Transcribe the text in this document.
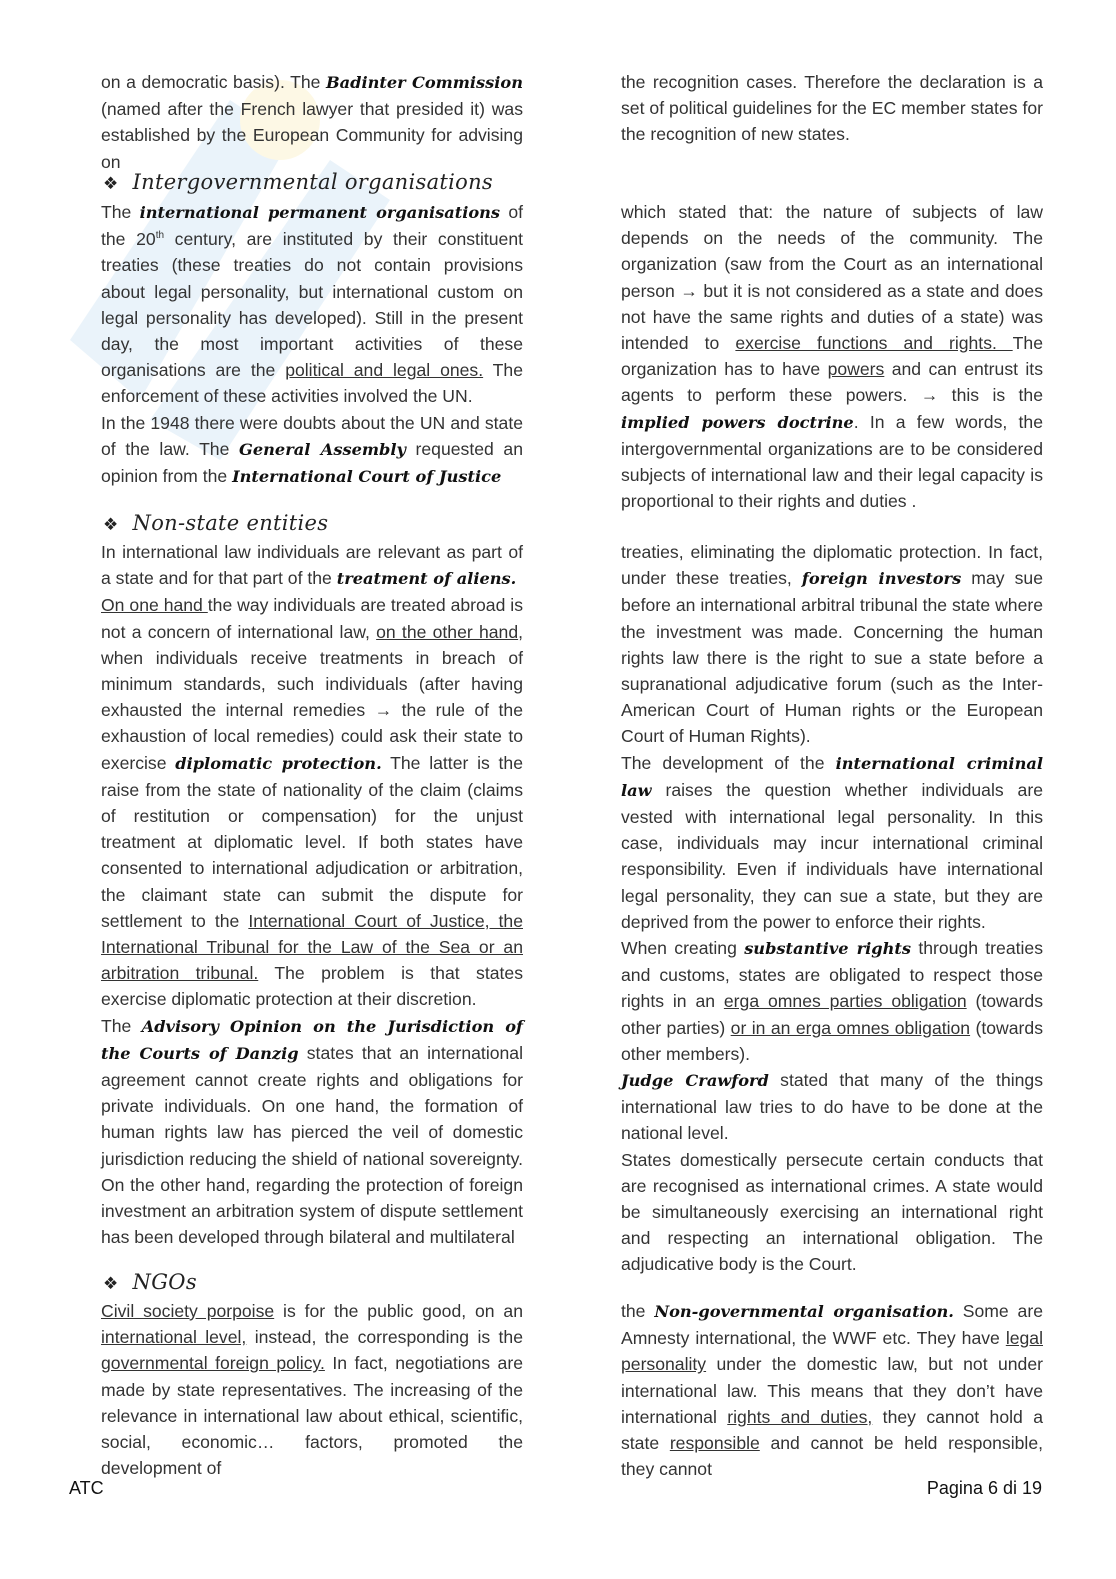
on a democratic basis). The Badinter Commission (named after the French lawyer that presided it) was established by the European Community for advising on

the recognition cases. Therefore the declaration is a set of political guidelines for the EC member states for the recognition of new states.

❖ Intergovernmental organisations

The international permanent organisations of the 20th century, are instituted by their constituent treaties (these treaties do not contain provisions about legal personality, but international custom on legal personality has developed). Still in the present day, the most important activities of these organisations are the political and legal ones. The enforcement of these activities involved the UN.

In the 1948 there were doubts about the UN and state of the law. The General Assembly requested an opinion from the International Court of Justice

which stated that: the nature of subjects of law depends on the needs of the community. The organization (saw from the Court as an international person → but it is not considered as a state and does not have the same rights and duties of a state) was intended to exercise functions and rights. The organization has to have powers and can entrust its agents to perform these powers. → this is the implied powers doctrine. In a few words, the intergovernmental organizations are to be considered subjects of international law and their legal capacity is proportional to their rights and duties .

❖ Non-state entities

In international law individuals are relevant as part of a state and for that part of the treatment of aliens.

On one hand the way individuals are treated abroad is not a concern of international law, on the other hand, when individuals receive treatments in breach of minimum standards, such individuals (after having exhausted the internal remedies → the rule of the exhaustion of local remedies) could ask their state to exercise diplomatic protection. The latter is the raise from the state of nationality of the claim (claims of restitution or compensation) for the unjust treatment at diplomatic level. If both states have consented to international adjudication or arbitration, the claimant state can submit the dispute for settlement to the International Court of Justice, the International Tribunal for the Law of the Sea or an arbitration tribunal. The problem is that states exercise diplomatic protection at their discretion.

The Advisory Opinion on the Jurisdiction of the Courts of Danzig states that an international agreement cannot create rights and obligations for private individuals. On one hand, the formation of human rights law has pierced the veil of domestic jurisdiction reducing the shield of national sovereignty. On the other hand, regarding the protection of foreign investment an arbitration system of dispute settlement has been developed through bilateral and multilateral

treaties, eliminating the diplomatic protection. In fact, under these treaties, foreign investors may sue before an international arbitral tribunal the state where the investment was made. Concerning the human rights law there is the right to sue a state before a supranational adjudicative forum (such as the Inter-American Court of Human rights or the European Court of Human Rights).

The development of the international criminal law raises the question whether individuals are vested with international legal personality. In this case, individuals may incur international criminal responsibility. Even if individuals have international legal personality, they can sue a state, but they are deprived from the power to enforce their rights.

When creating substantive rights through treaties and customs, states are obligated to respect those rights in an erga omnes parties obligation (towards other parties) or in an erga omnes obligation (towards other members).

Judge Crawford stated that many of the things international law tries to do have to be done at the national level.

States domestically persecute certain conducts that are recognised as international crimes. A state would be simultaneously exercising an international right and respecting an international obligation. The adjudicative body is the Court.

❖ NGOs

Civil society porpoise is for the public good, on an international level, instead, the corresponding is the governmental foreign policy. In fact, negotiations are made by state representatives. The increasing of the relevance in international law about ethical, scientific, social, economic… factors, promoted the development of

the Non-governmental organisation. Some are Amnesty international, the WWF etc. They have legal personality under the domestic law, but not under international law. This means that they don’t have international rights and duties, they cannot hold a state responsible and cannot be held responsible, they cannot

ATC	Pagina 6 di 19
